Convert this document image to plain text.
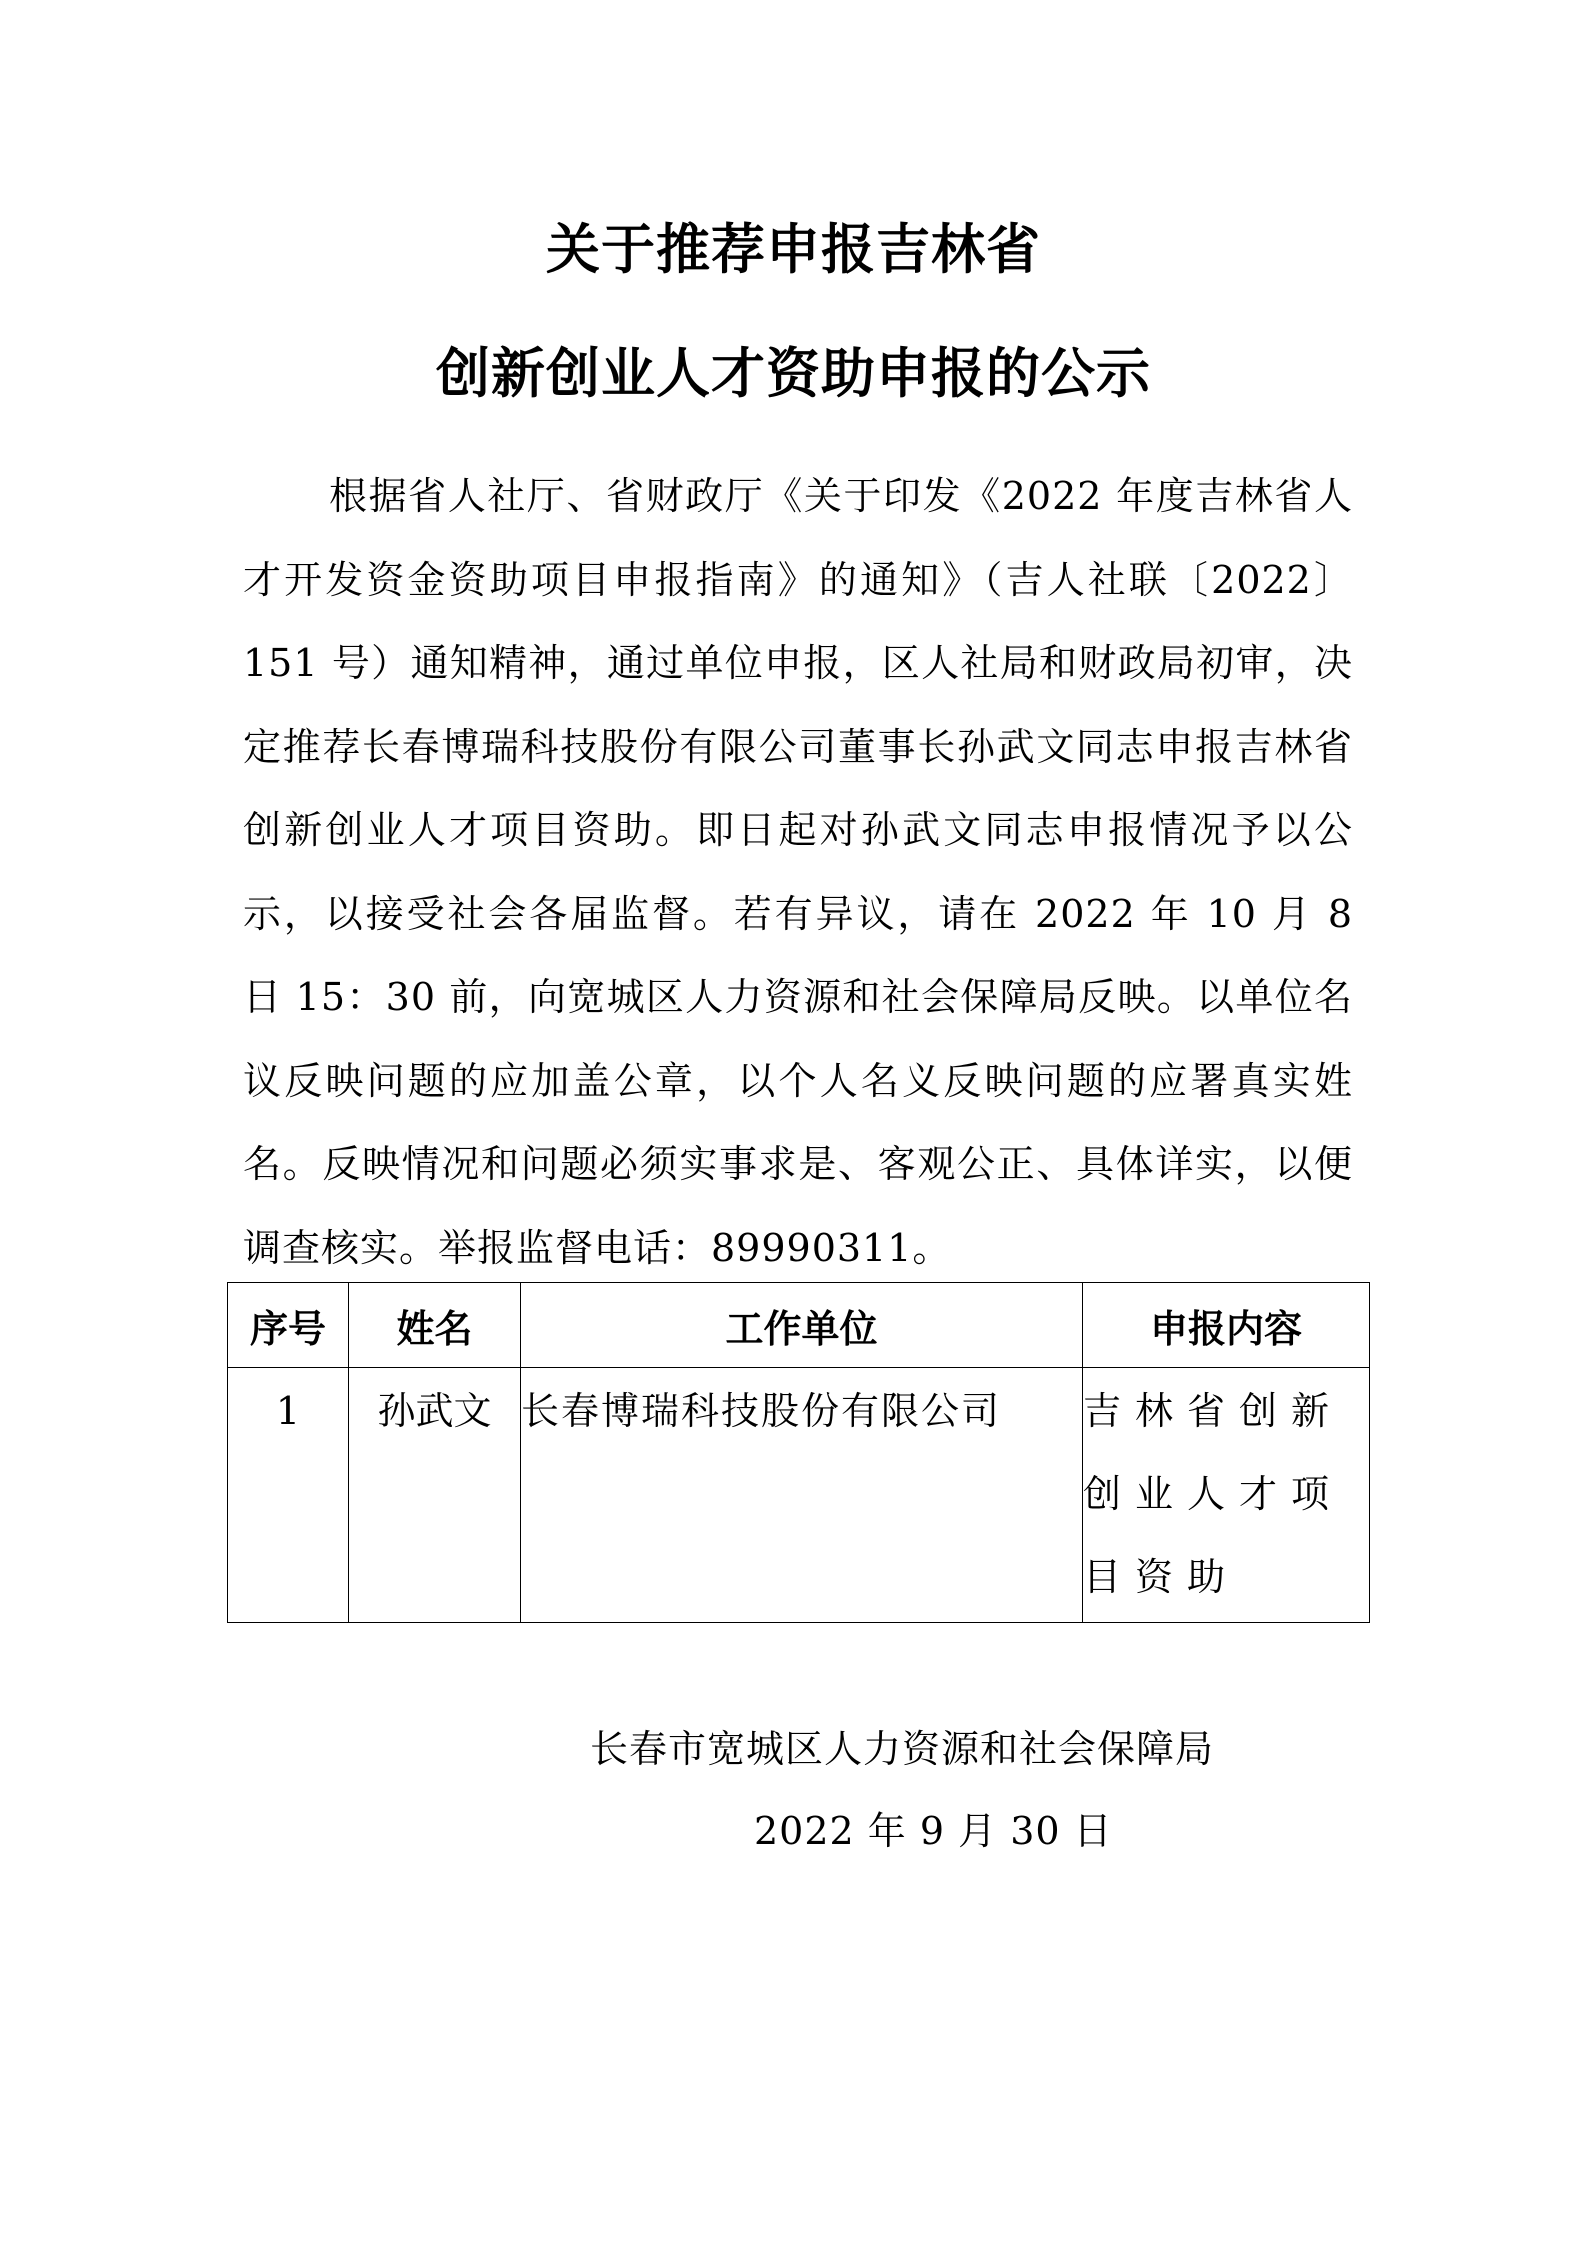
关于推荐申报吉林省
创新创业人才资助申报的公示

根据省人社厅、省财政厅《关于印发《2022 年度吉林省人才开发资金资助项目申报指南》的通知》（吉人社联〔2022〕151 号）通知精神，通过单位申报，区人社局和财政局初审，决定推荐长春博瑞科技股份有限公司董事长孙武文同志申报吉林省创新创业人才项目资助。即日起对孙武文同志申报情况予以公示，以接受社会各届监督。若有异议，请在 2022 年 10 月 8 日 15：30 前，向宽城区人力资源和社会保障局反映。以单位名议反映问题的应加盖公章，以个人名义反映问题的应署真实姓名。反映情况和问题必须实事求是、客观公正、具体详实，以便调查核实。举报监督电话：89990311。

序号	姓名	工作单位	申报内容
1	孙武文	长春博瑞科技股份有限公司	吉林省创新创业人才项目资助

长春市宽城区人力资源和社会保障局

2022 年 9 月 30 日
